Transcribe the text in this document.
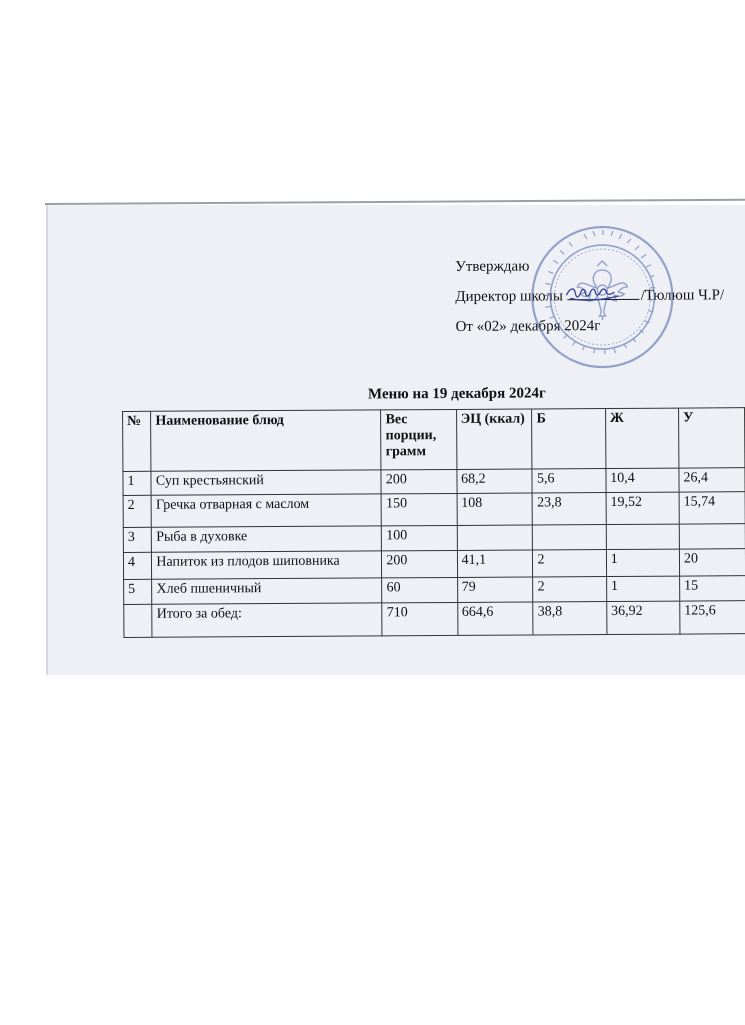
Утверждаю
Директор школы	/Тюлюш Ч.Р/
От «02» декабря 2024г
Меню на 19 декабря 2024г
№	Наименование блюд	Вес порции, грамм	ЭЦ (ккал)	Б	Ж	У
1	Суп крестьянский	200	68,2	5,6	10,4	26,4
2	Гречка отварная с маслом	150	108	23,8	19,52	15,74
3	Рыба в духовке	100				
4	Напиток из плодов шиповника	200	41,1	2	1	20
5	Хлеб пшеничный	60	79	2	1	15
	Итого за обед:	710	664,6	38,8	36,92	125,6
